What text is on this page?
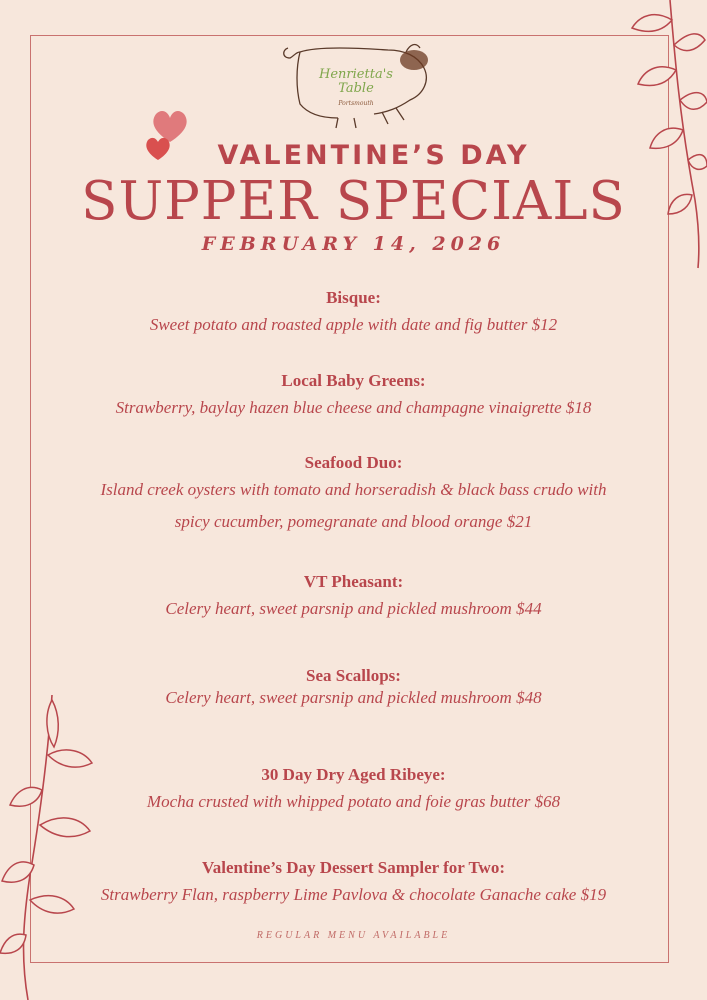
Henrietta's
Table
Portsmouth
VALENTINE’S DAY
SUPPER SPECIALS
FEBRUARY 14, 2026
Bisque:
Sweet potato and roasted apple with date and fig butter $12
Local Baby Greens:
Strawberry, baylay hazen blue cheese and champagne vinaigrette $18
Seafood Duo:
Island creek oysters with tomato and horseradish & black bass crudo with
spicy cucumber, pomegranate and blood orange $21
VT Pheasant:
Celery heart, sweet parsnip and pickled mushroom $44
Sea Scallops:
Celery heart, sweet parsnip and pickled mushroom $48
30 Day Dry Aged Ribeye:
Mocha crusted with whipped potato and foie gras butter $68
Valentine’s Day Dessert Sampler for Two:
Strawberry Flan, raspberry Lime Pavlova & chocolate Ganache cake $19
REGULAR MENU AVAILABLE
